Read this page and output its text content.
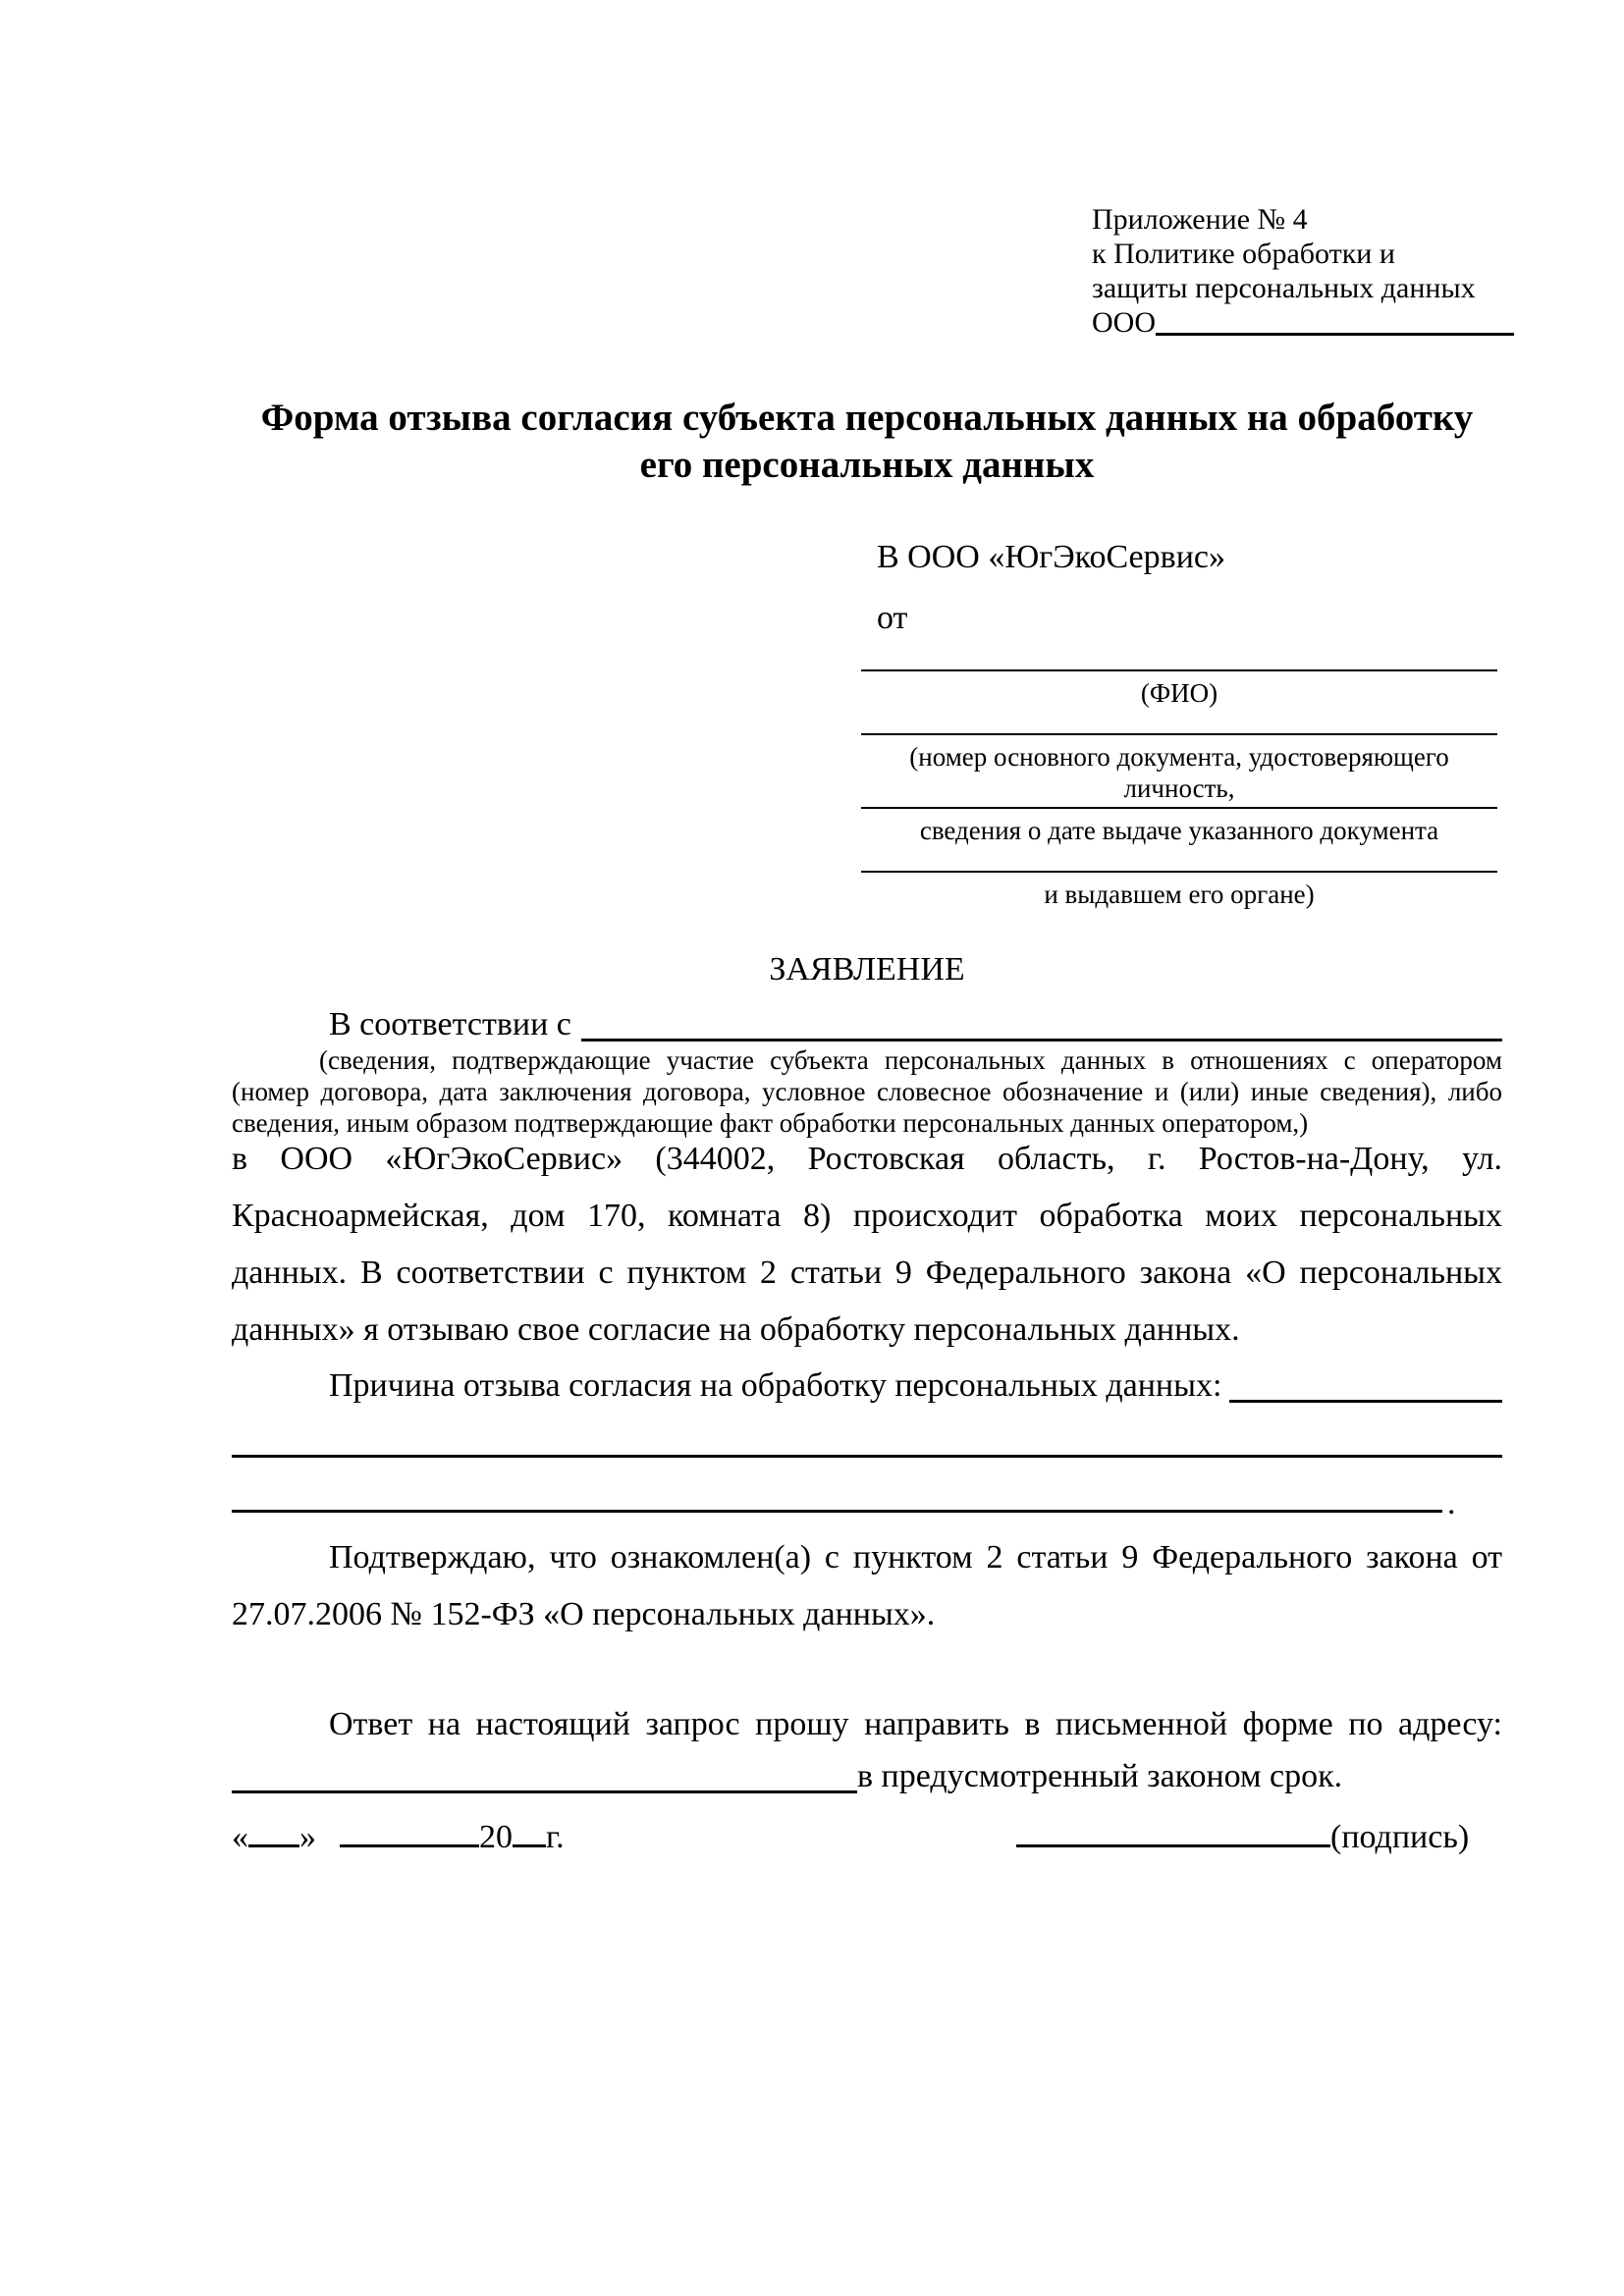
Приложение № 4
к Политике обработки и
защиты персональных данных
ООО
Форма отзыва согласия субъекта персональных данных на обработку его персональных данных
В ООО «ЮгЭкоСервис»
от
(ФИО)
(номер основного документа, удостоверяющего личность,
сведения о дате выдаче указанного документа
и выдавшем его органе)
ЗАЯВЛЕНИЕ
В соответствии с
(сведения, подтверждающие участие субъекта персональных данных в отношениях с оператором (номер договора, дата заключения договора, условное словесное обозначение и (или) иные сведения), либо сведения, иным образом подтверждающие факт обработки персональных данных оператором,)
в ООО «ЮгЭкоСервис» (344002, Ростовская область, г. Ростов-на-Дону, ул. Красноармейская, дом 170, комната 8) происходит обработка моих персональных данных. В соответствии с пунктом 2 статьи 9 Федерального закона «О персональных данных» я отзываю свое согласие на обработку персональных данных.
Причина отзыва согласия на обработку персональных данных:
.
Подтверждаю, что ознакомлен(а) с пунктом 2 статьи 9 Федерального закона от 27.07.2006 № 152-ФЗ «О персональных данных».
Ответ на настоящий запрос прошу направить в письменной форме по адресу:
в предусмотренный законом срок.
« »	20 г.	(подпись)
